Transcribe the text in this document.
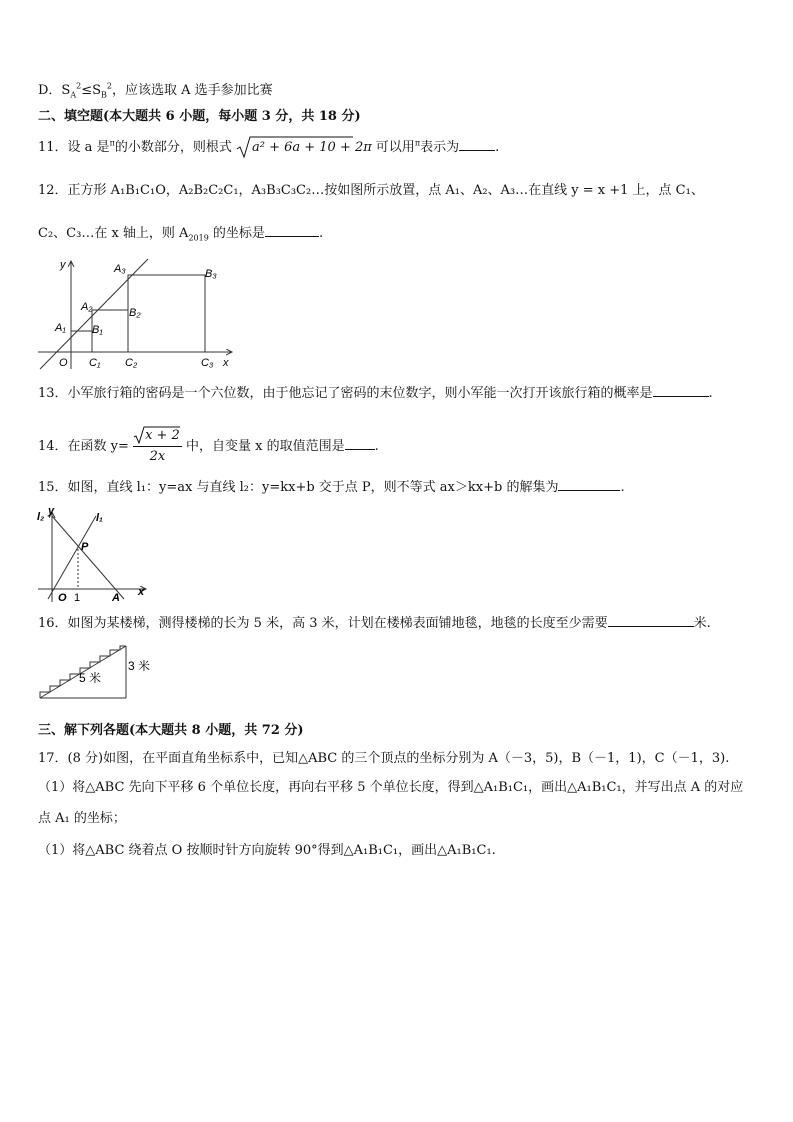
D．$S_A^2\le S_B^2$，应该选取 A 选手参加比赛
二、填空题(本大题共 6 小题，每小题 3 分，共 18 分)
11．设 a 是$^\pi$的小数部分，则根式 a² + 6a + 10 + 2π 可以用$^\pi$表示为	.
12．正方形 A₁B₁C₁O，A₂B₂C₂C₁，A₃B₃C₃C₂…按如图所示放置，点 A₁、A₂、A₃…在直线 y = x +1 上，点 C₁、
C₂、C₃…在 x 轴上，则 $A_{2019}$ 的坐标是	.
y
x
O
A₁
A₂
A₃
B₁
B₂
B₃
C₁ C₂	C₃
13．小军旅行箱的密码是一个六位数，由于他忘记了密码的末位数字，则小军能一次打开该旅行箱的概率是	.
14．在函数 $y= \frac{x + 2}{2x}$ 中，自变量 x 的取值范围是 .
15．如图，直线 l₁：y=ax 与直线 l₂：y=kx+b 交于点 P，则不等式 ax＞kx+b 的解集为	.
l₂	l₁
y
x
P
O 1	A
16．如图为某楼梯，测得楼梯的长为 5 米，高 3 米，计划在楼梯表面铺地毯，地毯的长度至少需要	米.
5 米
3 米
三、解下列各题(本大题共 8 小题，共 72 分)
17．(8 分)如图，在平面直角坐标系中，已知△ABC 的三个顶点的坐标分别为 A（－3，5)，B（－1，1)，C（－1，3).
（1）将△ABC 先向下平移 6 个单位长度，再向右平移 5 个单位长度，得到△A₁B₁C₁，画出△A₁B₁C₁，并写出点 A 的对应
点 A₁ 的坐标；
（1）将△ABC 绕着点 O 按顺时针方向旋转 90°得到△A₁B₁C₁，画出△A₁B₁C₁.
